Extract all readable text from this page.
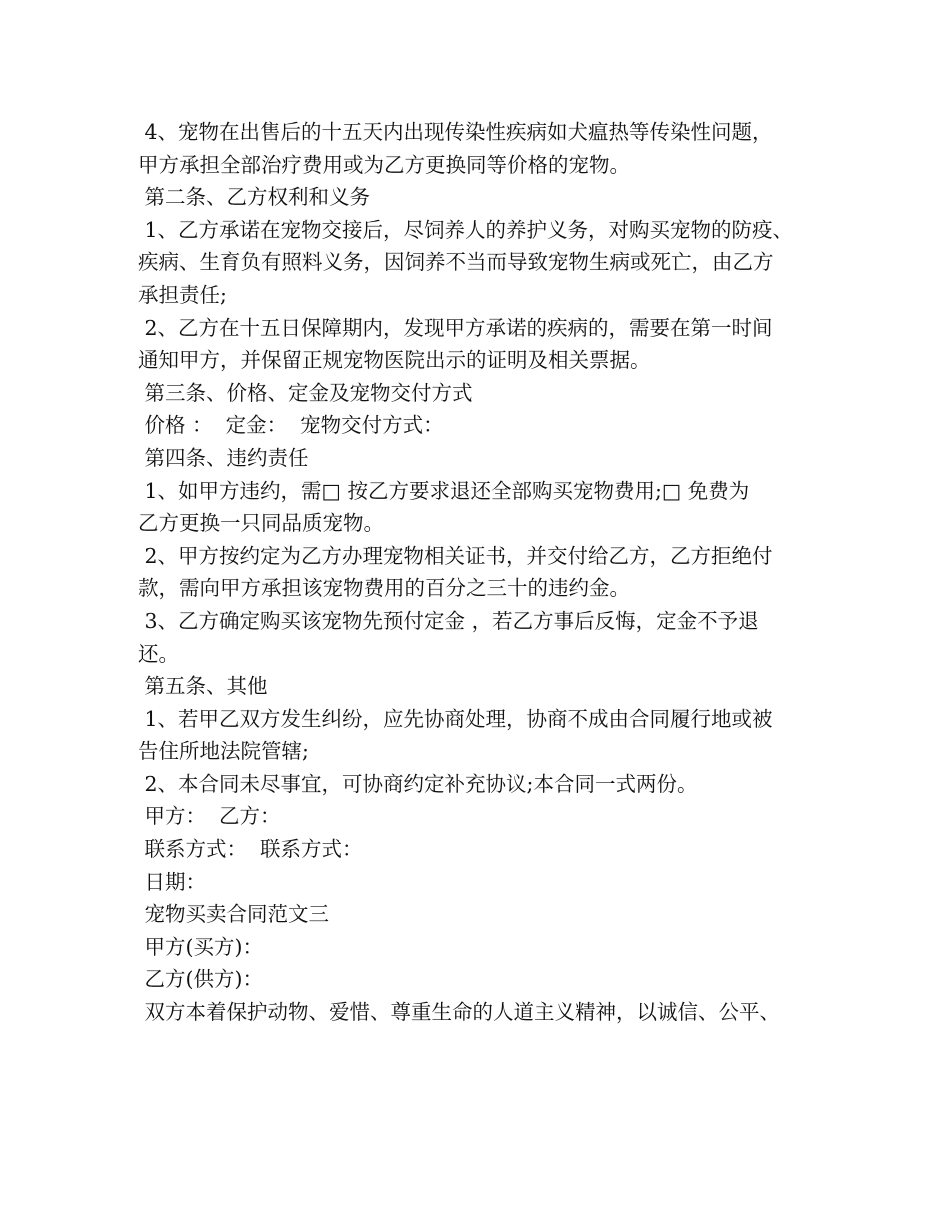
4、宠物在出售后的十五天内出现传染性疾病如犬瘟热等传染性问题，
甲方承担全部治疗费用或为乙方更换同等价格的宠物。
第二条、乙方权利和义务
1、乙方承诺在宠物交接后，尽饲养人的养护义务，对购买宠物的防疫、
疾病、生育负有照料义务，因饲养不当而导致宠物生病或死亡，由乙方
承担责任;
2、乙方在十五日保障期内，发现甲方承诺的疾病的，需要在第一时间
通知甲方，并保留正规宠物医院出示的证明及相关票据。
第三条、价格、定金及宠物交付方式
价格 ：  定金：  宠物交付方式：
第四条、违约责任
1、如甲方违约，需□ 按乙方要求退还全部购买宠物费用;□ 免费为
乙方更换一只同品质宠物。
2、甲方按约定为乙方办理宠物相关证书，并交付给乙方，乙方拒绝付
款，需向甲方承担该宠物费用的百分之三十的违约金。
3、乙方确定购买该宠物先预付定金 ，若乙方事后反悔，定金不予退
还。
第五条、其他
1、若甲乙双方发生纠纷，应先协商处理，协商不成由合同履行地或被
告住所地法院管辖;
2、本合同未尽事宜，可协商约定补充协议;本合同一式两份。
甲方：  乙方：
联系方式：  联系方式：
日期：
宠物买卖合同范文三
甲方(买方)：
乙方(供方)：
双方本着保护动物、爱惜、尊重生命的人道主义精神，以诚信、公平、
